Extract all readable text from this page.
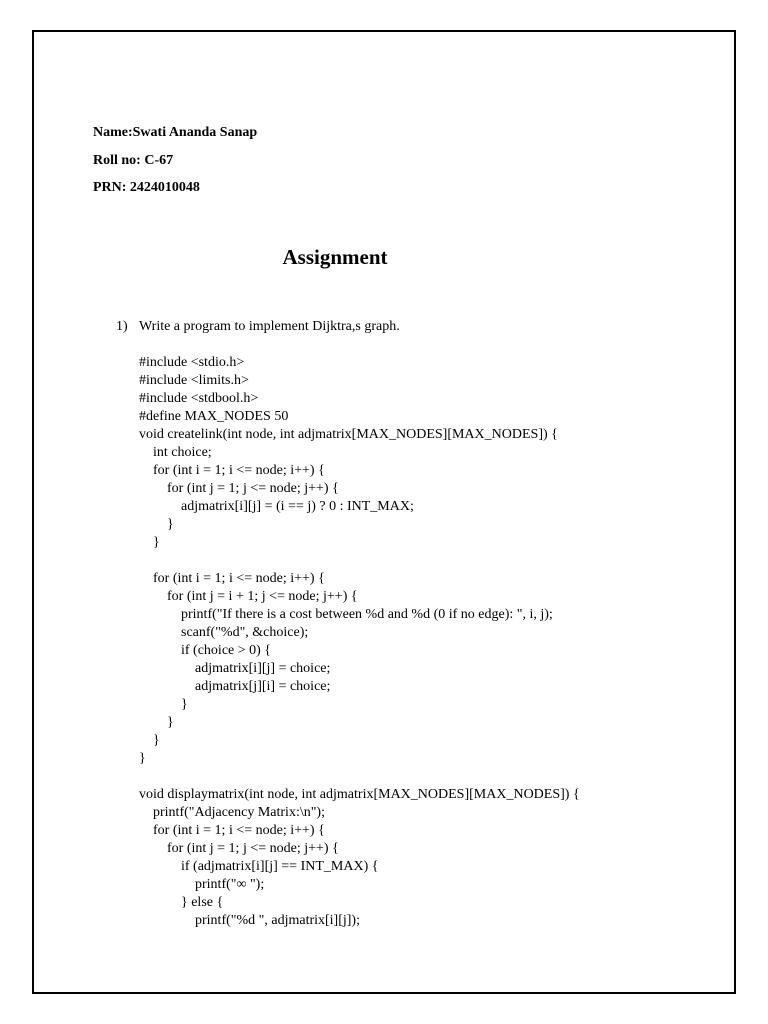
Name:Swati Ananda Sanap
Roll no: C-67
PRN: 2424010048
Assignment
1) Write a program to implement Dijktra,s graph.
#include <stdio.h>
#include <limits.h>
#include <stdbool.h>
#define MAX_NODES 50
void createlink(int node, int adjmatrix[MAX_NODES][MAX_NODES]) {
int choice;
for (int i = 1; i <= node; i++) {
for (int j = 1; j <= node; j++) {
adjmatrix[i][j] = (i == j) ? 0 : INT_MAX;
}
}
for (int i = 1; i <= node; i++) {
for (int j = i + 1; j <= node; j++) {
printf("If there is a cost between %d and %d (0 if no edge): ", i, j);
scanf("%d", &choice);
if (choice > 0) {
adjmatrix[i][j] = choice;
adjmatrix[j][i] = choice;
}
}
}
}
void displaymatrix(int node, int adjmatrix[MAX_NODES][MAX_NODES]) {
printf("Adjacency Matrix:\n");
for (int i = 1; i <= node; i++) {
for (int j = 1; j <= node; j++) {
if (adjmatrix[i][j] == INT_MAX) {
printf("∞ ");
} else {
printf("%d ", adjmatrix[i][j]);
